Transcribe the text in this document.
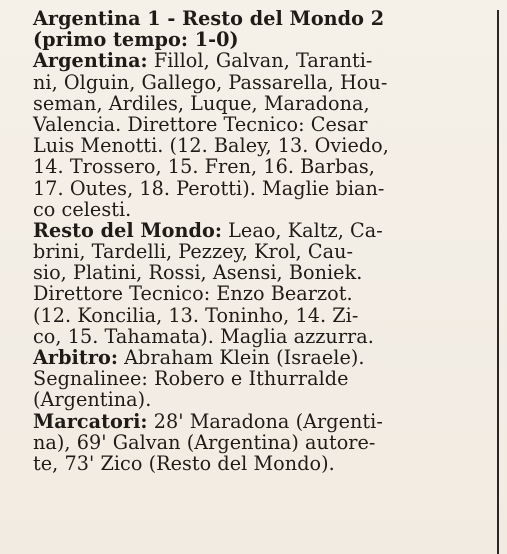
Argentina 1 - Resto del Mondo 2
(primo tempo: 1-0)
Argentina: Fillol, Galvan, Taranti-
ni, Olguin, Gallego, Passarella, Hou-
seman, Ardiles, Luque, Maradona,
Valencia. Direttore Tecnico: Cesar
Luis Menotti. (12. Baley, 13. Oviedo,
14. Trossero, 15. Fren, 16. Barbas,
17. Outes, 18. Perotti). Maglie bian-
co celesti.
Resto del Mondo: Leao, Kaltz, Ca-
brini, Tardelli, Pezzey, Krol, Cau-
sio, Platini, Rossi, Asensi, Boniek.
Direttore Tecnico: Enzo Bearzot.
(12. Koncilia, 13. Toninho, 14. Zi-
co, 15. Tahamata). Maglia azzurra.
Arbitro: Abraham Klein (Israele).
Segnalinee: Robero e Ithurralde
(Argentina).
Marcatori: 28' Maradona (Argenti-
na), 69' Galvan (Argentina) autore-
te, 73' Zico (Resto del Mondo).
